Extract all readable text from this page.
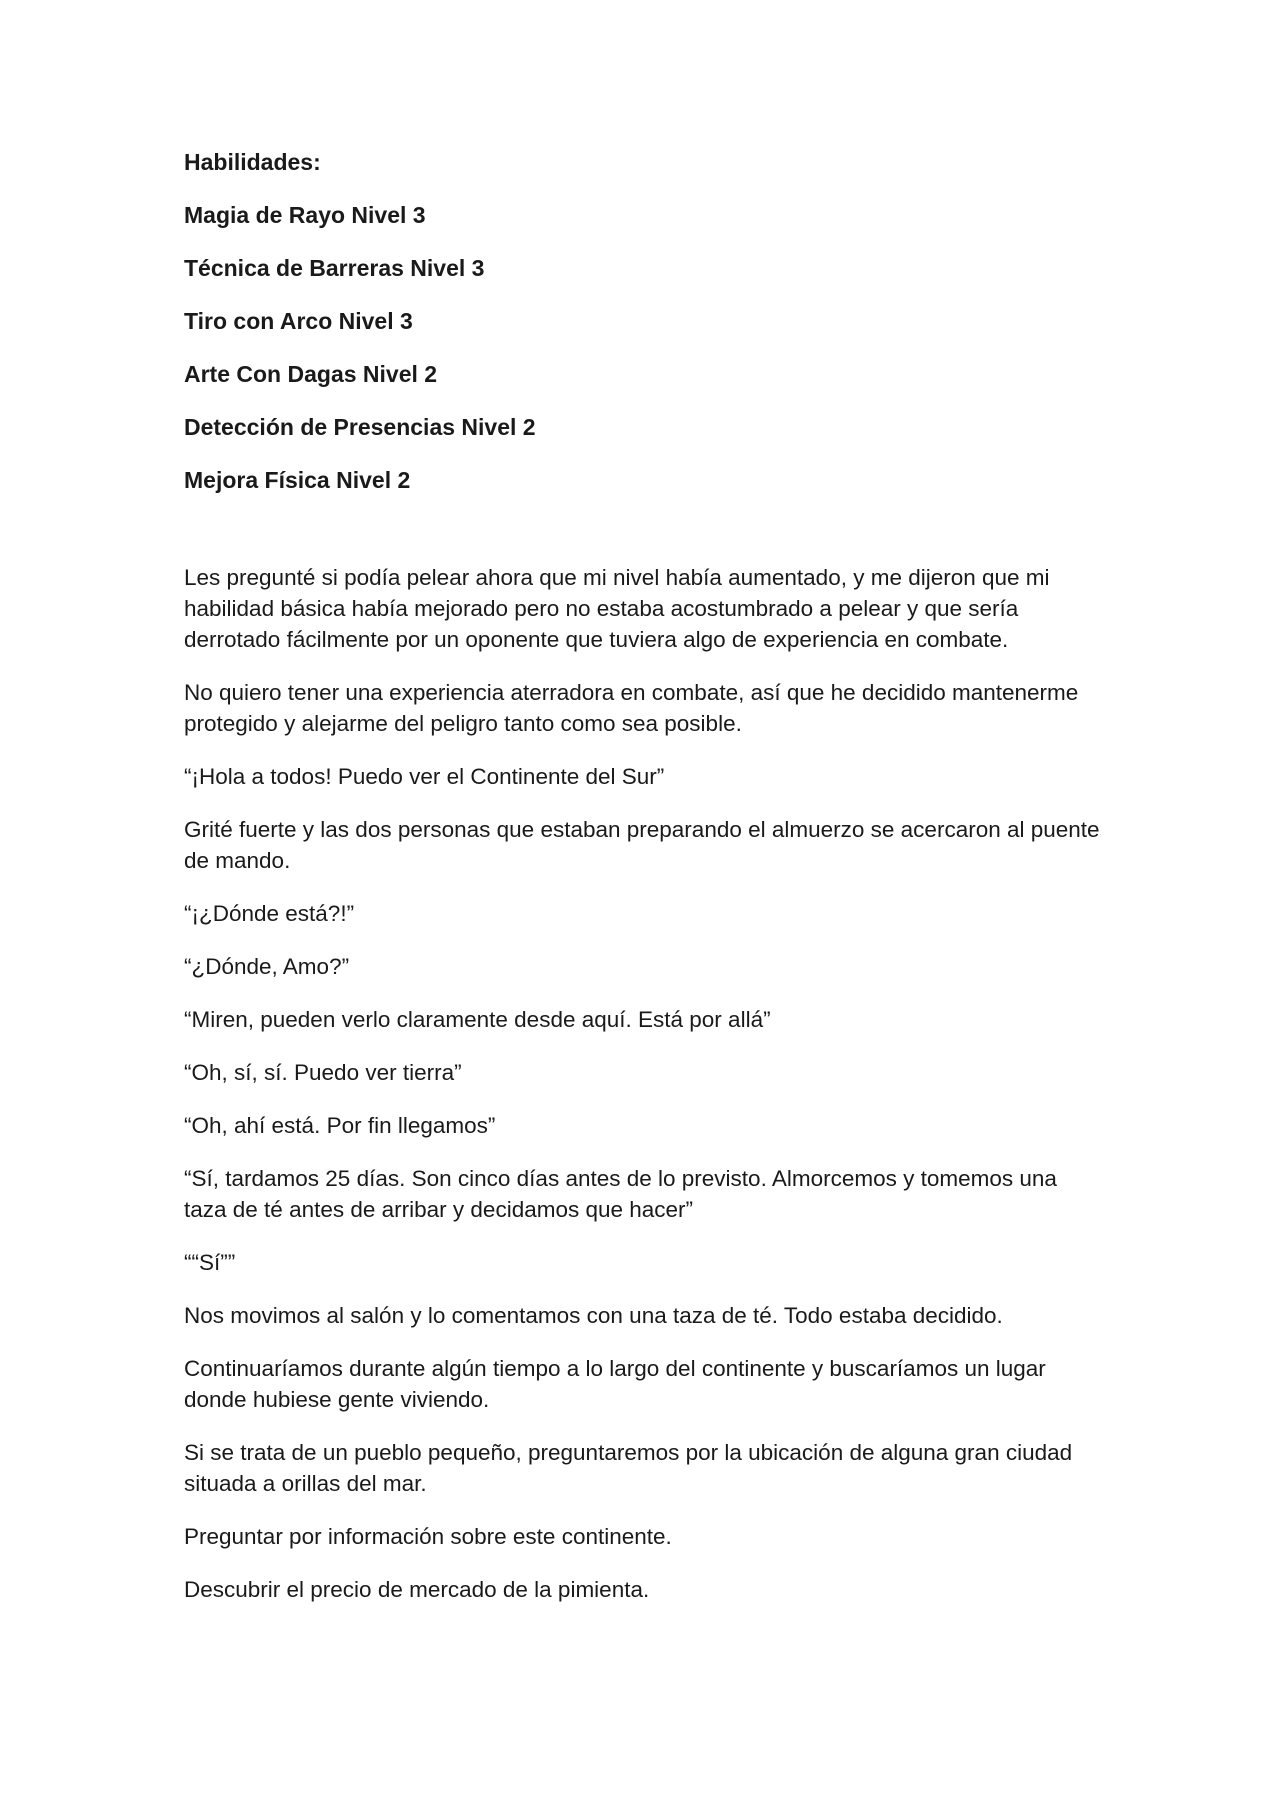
Habilidades:
Magia de Rayo Nivel 3
Técnica de Barreras Nivel 3
Tiro con Arco Nivel 3
Arte Con Dagas Nivel 2
Detección de Presencias Nivel 2
Mejora Física Nivel 2

Les pregunté si podía pelear ahora que mi nivel había aumentado, y me dijeron que mi habilidad básica había mejorado pero no estaba acostumbrado a pelear y que sería derrotado fácilmente por un oponente que tuviera algo de experiencia en combate.

No quiero tener una experiencia aterradora en combate, así que he decidido mantenerme protegido y alejarme del peligro tanto como sea posible.

“¡Hola a todos! Puedo ver el Continente del Sur”

Grité fuerte y las dos personas que estaban preparando el almuerzo se acercaron al puente de mando.

“¡¿Dónde está?!”

“¿Dónde, Amo?”

“Miren, pueden verlo claramente desde aquí. Está por allá”

“Oh, sí, sí. Puedo ver tierra”

“Oh, ahí está. Por fin llegamos”

“Sí, tardamos 25 días. Son cinco días antes de lo previsto. Almorcemos y tomemos una taza de té antes de arribar y decidamos que hacer”

““Sí””

Nos movimos al salón y lo comentamos con una taza de té. Todo estaba decidido.

Continuaríamos durante algún tiempo a lo largo del continente y buscaríamos un lugar donde hubiese gente viviendo.

Si se trata de un pueblo pequeño, preguntaremos por la ubicación de alguna gran ciudad situada a orillas del mar.

Preguntar por información sobre este continente.

Descubrir el precio de mercado de la pimienta.
